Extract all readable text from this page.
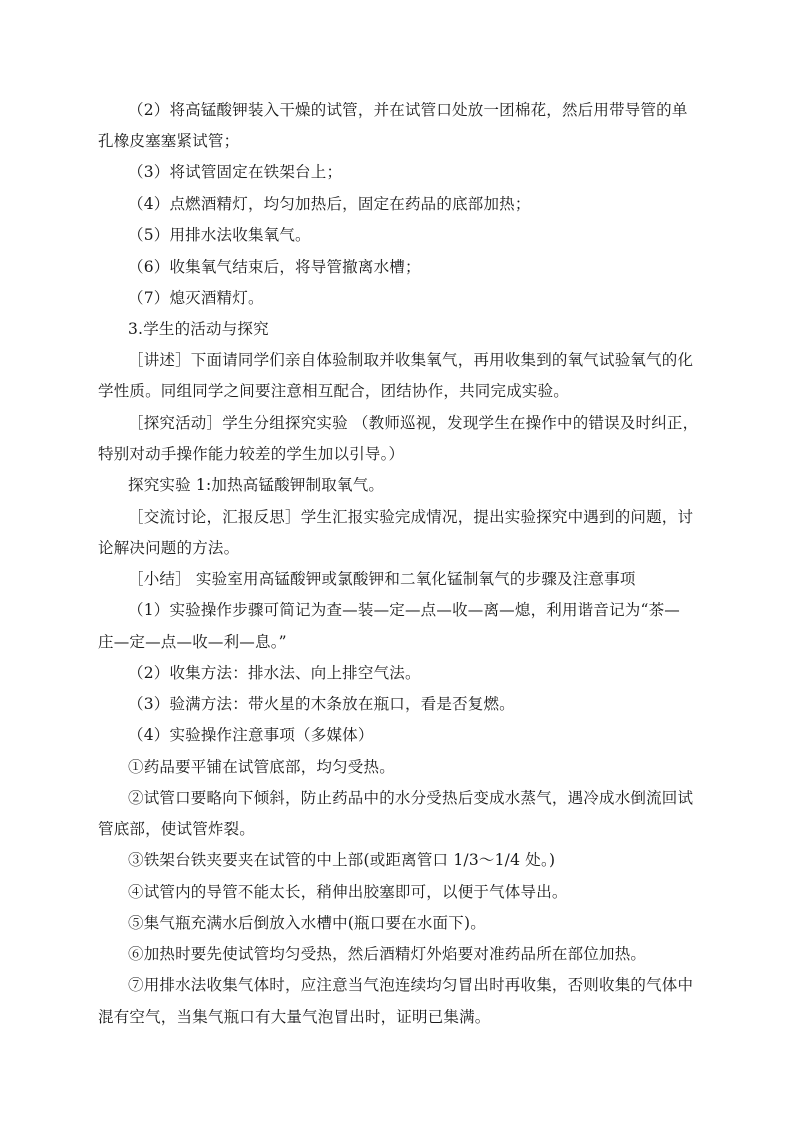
（2）将高锰酸钾装入干燥的试管，并在试管口处放一团棉花，然后用带导管的单
孔橡皮塞塞紧试管；
（3）将试管固定在铁架台上；
（4）点燃酒精灯，均匀加热后，固定在药品的底部加热；
（5）用排水法收集氧气。
（6）收集氧气结束后，将导管撤离水槽；
（7）熄灭酒精灯。
3.学生的活动与探究
［讲述］下面请同学们亲自体验制取并收集氧气，再用收集到的氧气试验氧气的化
学性质。同组同学之间要注意相互配合，团结协作，共同完成实验。
［探究活动］学生分组探究实验 （教师巡视，发现学生在操作中的错误及时纠正，
特别对动手操作能力较差的学生加以引导。）
探究实验 1:加热高锰酸钾制取氧气。
［交流讨论，汇报反思］学生汇报实验完成情况，提出实验探究中遇到的问题，讨
论解决问题的方法。
［小结］ 实验室用高锰酸钾或氯酸钾和二氧化锰制氧气的步骤及注意事项
（1）实验操作步骤可简记为查—装—定—点—收—离—熄，利用谐音记为“茶—
庄—定—点—收—利—息。”
（2）收集方法：排水法、向上排空气法。
（3）验满方法：带火星的木条放在瓶口，看是否复燃。
（4）实验操作注意事项（多媒体）
①药品要平铺在试管底部，均匀受热。
②试管口要略向下倾斜，防止药品中的水分受热后变成水蒸气，遇冷成水倒流回试
管底部，使试管炸裂。
③铁架台铁夹要夹在试管的中上部(或距离管口 1/3～1/4 处。)
④试管内的导管不能太长，稍伸出胶塞即可，以便于气体导出。
⑤集气瓶充满水后倒放入水槽中(瓶口要在水面下)。
⑥加热时要先使试管均匀受热，然后酒精灯外焰要对准药品所在部位加热。
⑦用排水法收集气体时，应注意当气泡连续均匀冒出时再收集，否则收集的气体中
混有空气，当集气瓶口有大量气泡冒出时，证明已集满。
